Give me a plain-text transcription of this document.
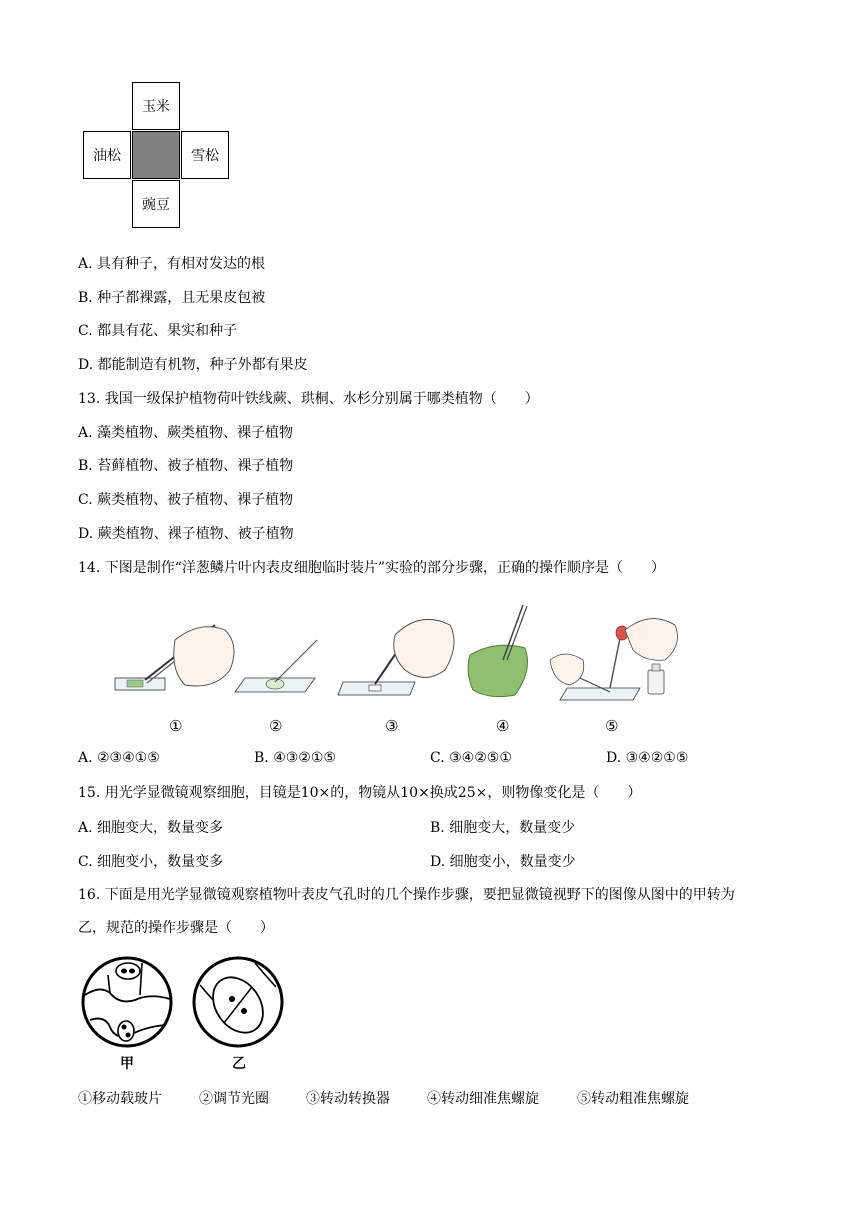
玉米
油松	雪松
豌豆
A. 具有种子，有相对发达的根
B. 种子都裸露，且无果皮包被
C. 都具有花、果实和种子
D. 都能制造有机物，种子外都有果皮
13. 我国一级保护植物荷叶铁线蕨、珙桐、水杉分别属于哪类植物（　　）
A. 藻类植物、蕨类植物、裸子植物
B. 苔藓植物、被子植物、裸子植物
C. 蕨类植物、被子植物、裸子植物
D. 蕨类植物、裸子植物、被子植物
14. 下图是制作“洋葱鳞片叶内表皮细胞临时装片”实验的部分步骤，正确的操作顺序是（　　）
①	②	③	④	⑤
A. ②③④①⑤	B. ④③②①⑤	C. ③④②⑤①	D. ③④②①⑤
15. 用光学显微镜观察细胞，目镜是10×的，物镜从10×换成25×，则物像变化是（　　）
A. 细胞变大，数量变多	B. 细胞变大，数量变少
C. 细胞变小，数量变多	D. 细胞变小，数量变少
16. 下面是用光学显微镜观察植物叶表皮气孔时的几个操作步骤，要把显微镜视野下的图像从图中的甲转为
乙，规范的操作步骤是（　　）
甲	乙
①移动载玻片	②调节光圈	③转动转换器	④转动细准焦螺旋	⑤转动粗准焦螺旋
